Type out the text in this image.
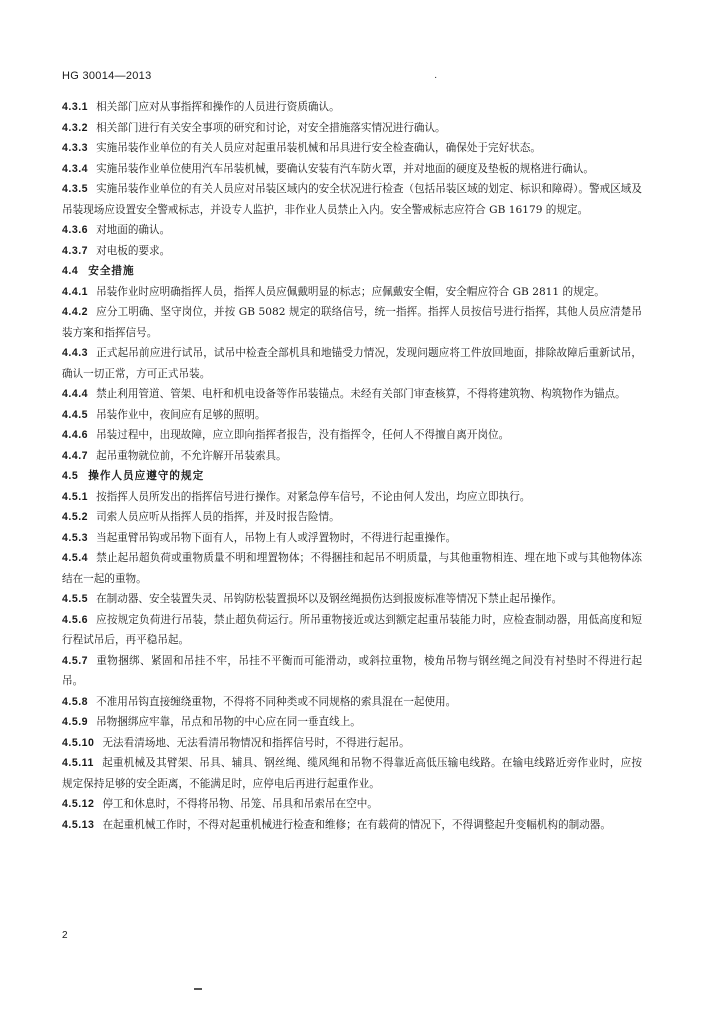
HG 30014—2013	·

4.3.1 相关部门应对从事指挥和操作的人员进行资质确认。

4.3.2 相关部门进行有关安全事项的研究和讨论，对安全措施落实情况进行确认。

4.3.3 实施吊装作业单位的有关人员应对起重吊装机械和吊具进行安全检查确认，确保处于完好状态。

4.3.4 实施吊装作业单位使用汽车吊装机械，要确认安装有汽车防火罩，并对地面的硬度及垫板的规格进行确认。

4.3.5 实施吊装作业单位的有关人员应对吊装区域内的安全状况进行检查（包括吊装区域的划定、标识和障碍）。警戒区域及吊装现场应设置安全警戒标志，并设专人监护，非作业人员禁止入内。安全警戒标志应符合 GB 16179 的规定。

4.3.6 对地面的确认。

4.3.7 对电板的要求。

4.4 安全措施

4.4.1 吊装作业时应明确指挥人员，指挥人员应佩戴明显的标志；应佩戴安全帽，安全帽应符合 GB 2811 的规定。

4.4.2 应分工明确、坚守岗位，并按 GB 5082 规定的联络信号，统一指挥。指挥人员按信号进行指挥，其他人员应清楚吊装方案和指挥信号。

4.4.3 正式起吊前应进行试吊，试吊中检查全部机具和地锚受力情况，发现问题应将工件放回地面，排除故障后重新试吊，确认一切正常，方可正式吊装。

4.4.4 禁止利用管道、管架、电杆和机电设备等作吊装锚点。未经有关部门审查核算，不得将建筑物、构筑物作为锚点。

4.4.5 吊装作业中，夜间应有足够的照明。

4.4.6 吊装过程中，出现故障，应立即向指挥者报告，没有指挥令，任何人不得擅自离开岗位。

4.4.7 起吊重物就位前，不允许解开吊装索具。

4.5 操作人员应遵守的规定

4.5.1 按指挥人员所发出的指挥信号进行操作。对紧急停车信号，不论由何人发出，均应立即执行。

4.5.2 司索人员应听从指挥人员的指挥，并及时报告险情。

4.5.3 当起重臂吊钩或吊物下面有人，吊物上有人或浮置物时，不得进行起重操作。

4.5.4 禁止起吊超负荷或重物质量不明和埋置物体；不得捆挂和起吊不明质量，与其他重物相连、埋在地下或与其他物体冻结在一起的重物。

4.5.5 在制动器、安全装置失灵、吊钩防松装置损坏以及钢丝绳损伤达到报废标准等情况下禁止起吊操作。

4.5.6 应按规定负荷进行吊装，禁止超负荷运行。所吊重物接近或达到额定起重吊装能力时，应检查制动器，用低高度和短行程试吊后，再平稳吊起。

4.5.7 重物捆绑、紧固和吊挂不牢，吊挂不平衡而可能滑动，或斜拉重物，棱角吊物与钢丝绳之间没有衬垫时不得进行起吊。

4.5.8 不准用吊钩直接缠绕重物，不得将不同种类或不同规格的索具混在一起使用。

4.5.9 吊物捆绑应牢靠，吊点和吊物的中心应在同一垂直线上。

4.5.10 无法看清场地、无法看清吊物情况和指挥信号时，不得进行起吊。

4.5.11 起重机械及其臂架、吊具、辅具、钢丝绳、缆风绳和吊物不得靠近高低压输电线路。在输电线路近旁作业时，应按规定保持足够的安全距离，不能满足时，应停电后再进行起重作业。

4.5.12 停工和休息时，不得将吊物、吊笼、吊具和吊索吊在空中。

4.5.13 在起重机械工作时，不得对起重机械进行检查和维修；在有载荷的情况下，不得调整起升变幅机构的制动器。

2
